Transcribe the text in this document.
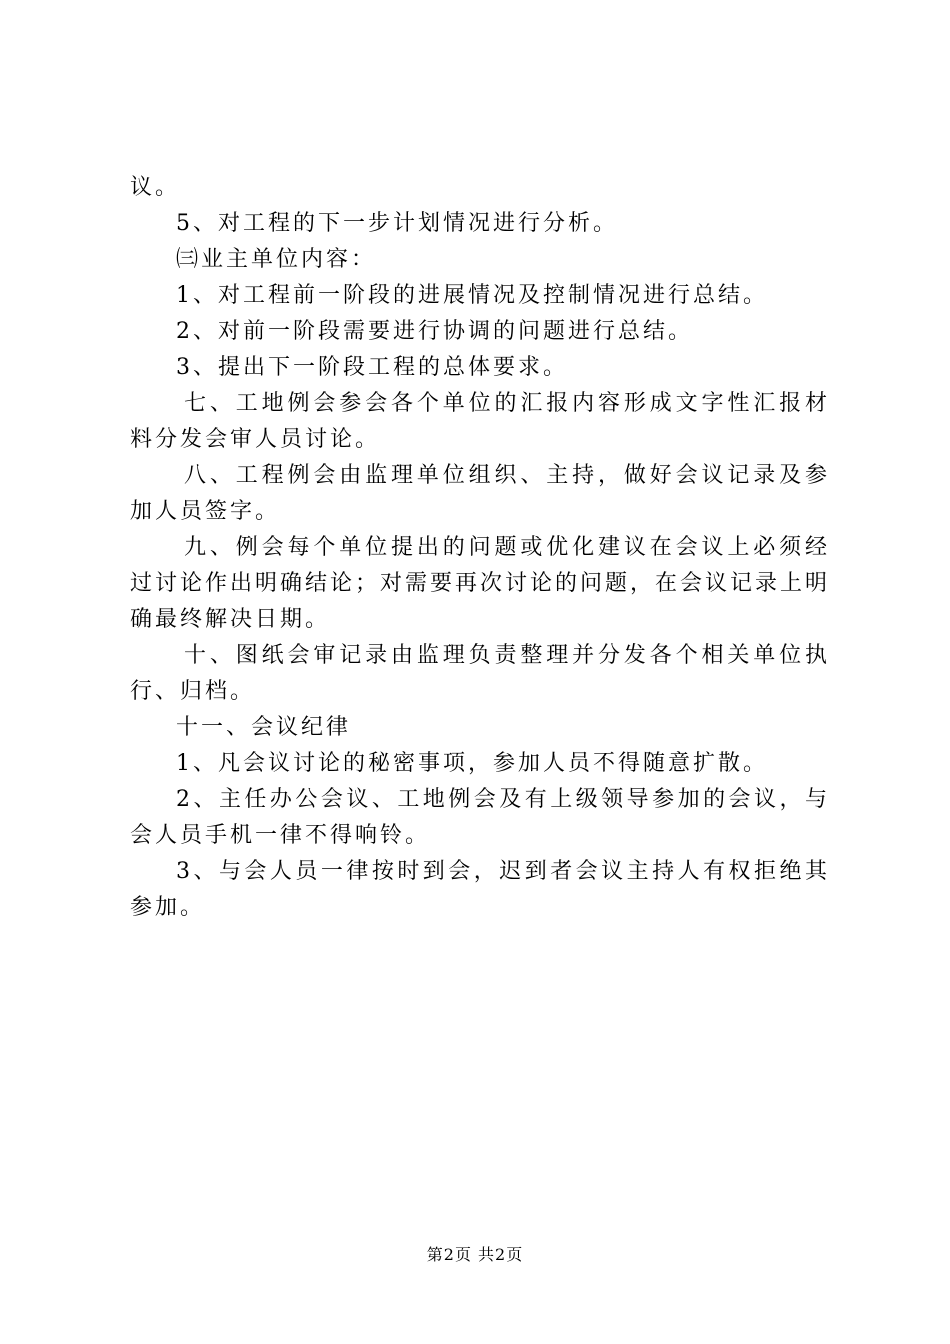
议。

5、对工程的下一步计划情况进行分析。

㈢业主单位内容：

1、对工程前一阶段的进展情况及控制情况进行总结。

2、对前一阶段需要进行协调的问题进行总结。

3、提出下一阶段工程的总体要求。

七、工地例会参会各个单位的汇报内容形成文字性汇报材料分发会审人员讨论。

八、工程例会由监理单位组织、主持，做好会议记录及参加人员签字。

九、例会每个单位提出的问题或优化建议在会议上必须经过讨论作出明确结论；对需要再次讨论的问题，在会议记录上明确最终解决日期。

十、图纸会审记录由监理负责整理并分发各个相关单位执行、归档。

十一、会议纪律

1、凡会议讨论的秘密事项，参加人员不得随意扩散。

2、主任办公会议、工地例会及有上级领导参加的会议，与会人员手机一律不得响铃。

3、与会人员一律按时到会，迟到者会议主持人有权拒绝其参加。

第2页 共2页
